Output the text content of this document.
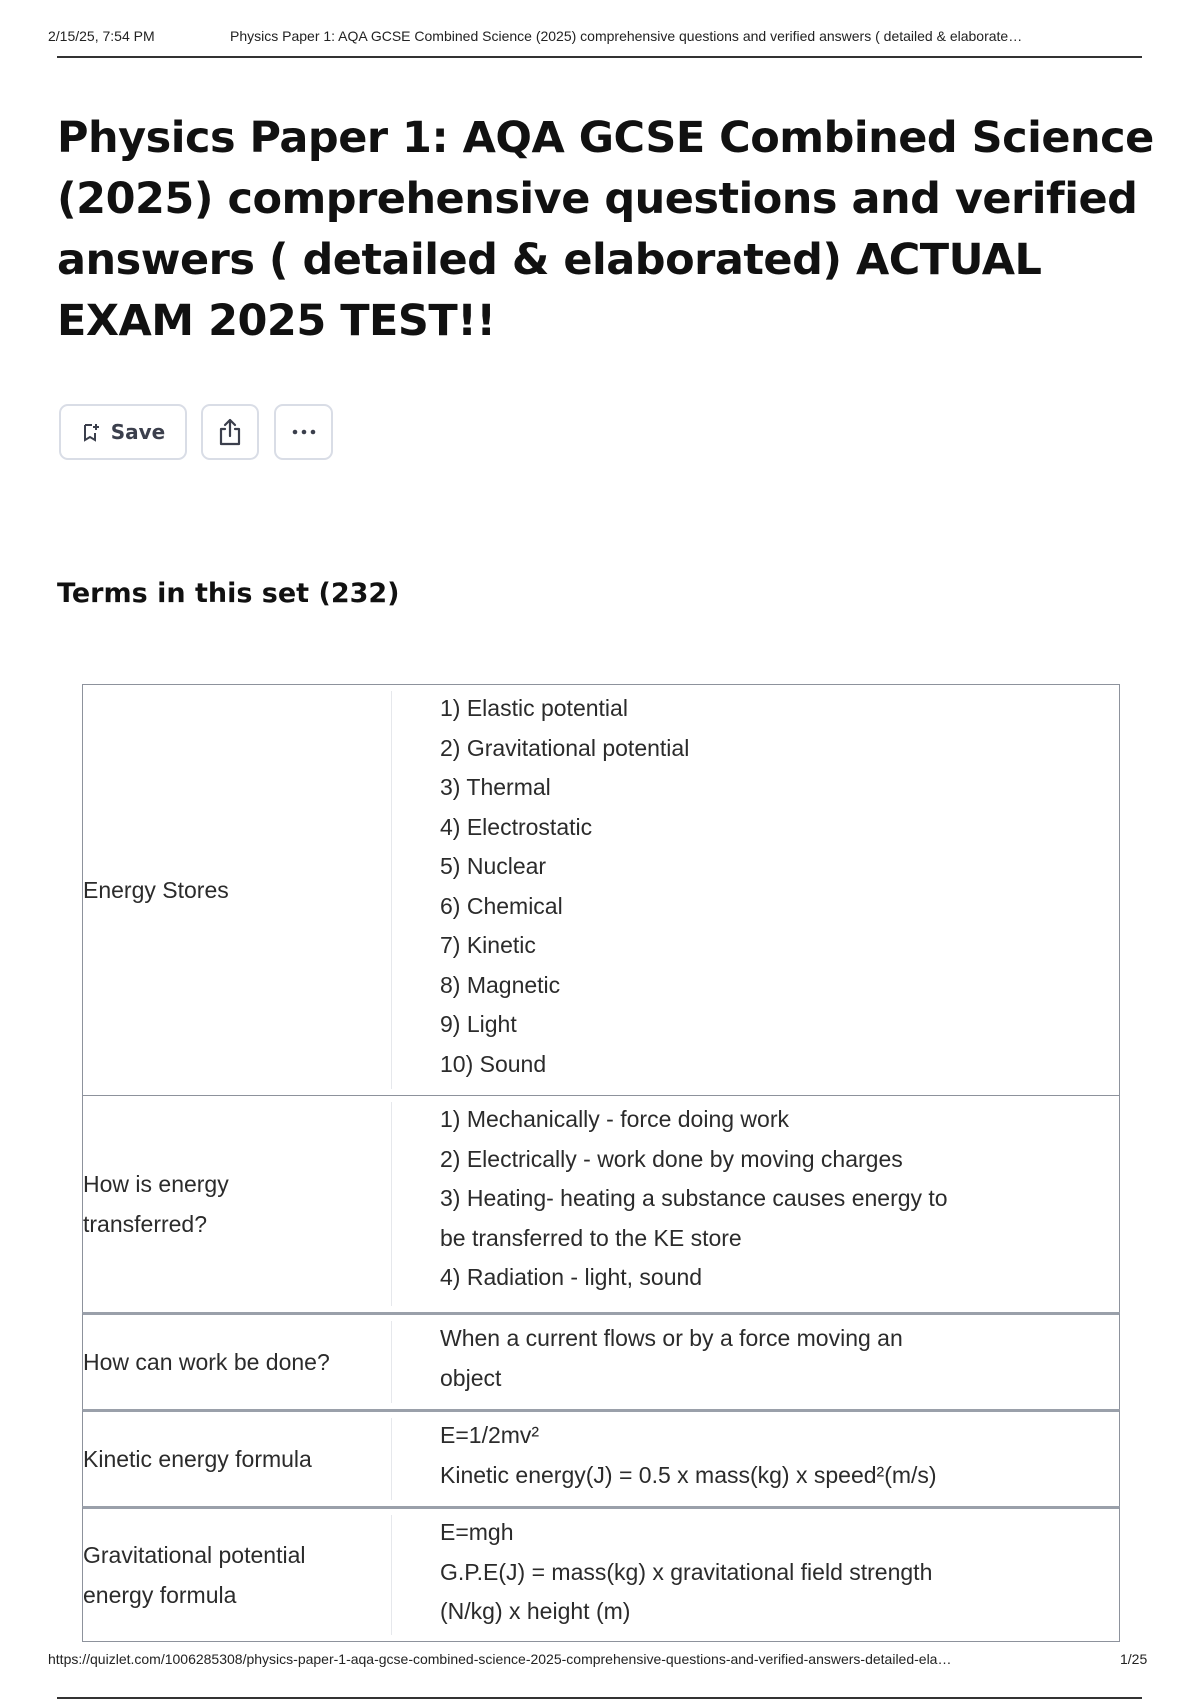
2/15/25, 7:54 PM	Physics Paper 1: AQA GCSE Combined Science (2025) comprehensive questions and verified answers ( detailed & elaborate…
Physics Paper 1: AQA GCSE Combined Science (2025) comprehensive questions and verified answers ( detailed & elaborated) ACTUAL EXAM 2025 TEST!!
Save
Terms in this set (232)
Energy Stores
1) Elastic potential
2) Gravitational potential
3) Thermal
4) Electrostatic
5) Nuclear
6) Chemical
7) Kinetic
8) Magnetic
9) Light
10) Sound
How is energy transferred?
1) Mechanically - force doing work
2) Electrically - work done by moving charges
3) Heating- heating a substance causes energy to
be transferred to the KE store
4) Radiation - light, sound
How can work be done?
When a current flows or by a force moving an
object
Kinetic energy formula
E=1/2mv²
Kinetic energy(J) = 0.5 x mass(kg) x speed²(m/s)
Gravitational potential energy formula
E=mgh
G.P.E(J) = mass(kg) x gravitational field strength
(N/kg) x height (m)
https://quizlet.com/1006285308/physics-paper-1-aqa-gcse-combined-science-2025-comprehensive-questions-and-verified-answers-detailed-ela…	1/25
